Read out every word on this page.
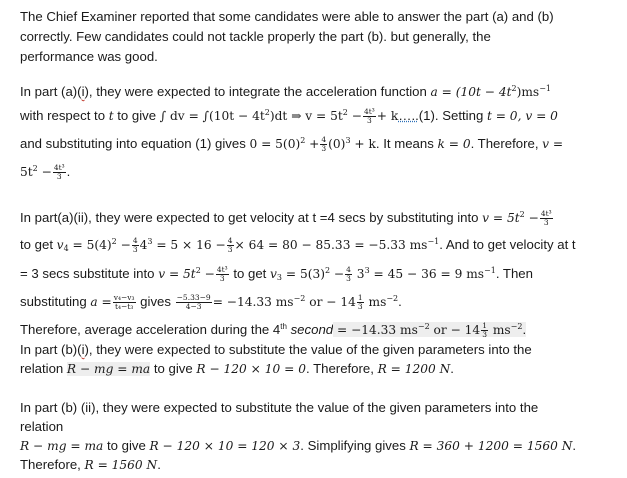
The Chief Examiner reported that some candidates were able to answer the part (a) and (b)
correctly. Few candidates could not tackle properly the part (b). but generally, the
performance was good.
In part (a)(i), they were expected to integrate the acceleration function $a = (10t - 4t^2)ms^{-1}$
with respect to t to give ∫ dv = $\int(10t - 4t^2)dt$ ⇒ $v = 5t^2 - \frac{\text{4t³}}{3}$ + k…..(1). Setting t = 0, v = 0
and substituting into equation (1) gives $0 = 5(0)^2 + \frac{4}{3} (0)^3 + k$. It means k = 0. Therefore, v =
$5t^2 - \frac{\text{4t³}}{3}$ .
In part(a)(ii), they were expected to get velocity at t =4 secs by substituting into $v = 5t^2 - \frac{\text{4t³}}{3}$
to get $v_4 = 5(4)^2 - \frac{4}{3} 4^3 = 5 \times 16 - \frac{4}{3} \times 64 = 80 - 85.33 = -5.33$ $ms^{-1}$. And to get velocity at t
= 3 secs substitute into $v = 5t^2 - \frac{\text{4t³}}{3}$ to get $v_3 = 5(3)^2 - \frac{4}{3} 3^3 = 45 - 36 = 9$ $ms^{-1}$. Then
substituting $a = \frac{\text{v₄−v₃}}{\text{t₄−t₃}}$ gives $\frac{-5.33-9}{4-3} = -14.33$ $ms^{-2}$ or − $14 \frac{1}{3} ms^{-2}$.
Therefore, average acceleration during the 4th second = −14.33 $ms^{-2}$ or − $14 \frac{1}{3} ms^{-2}$.
In part (b)(i), they were expected to substitute the value of the given parameters into the
relation R − mg = ma to give R − 120 × 10 = 0. Therefore, R = 1200 N.
In part (b) (ii), they were expected to substitute the value of the given parameters into the
relation
R − mg = ma to give R − 120 × 10 = 120 × 3. Simplifying gives R = 360 + 1200 = 1560 N.
Therefore, R = 1560 N.
